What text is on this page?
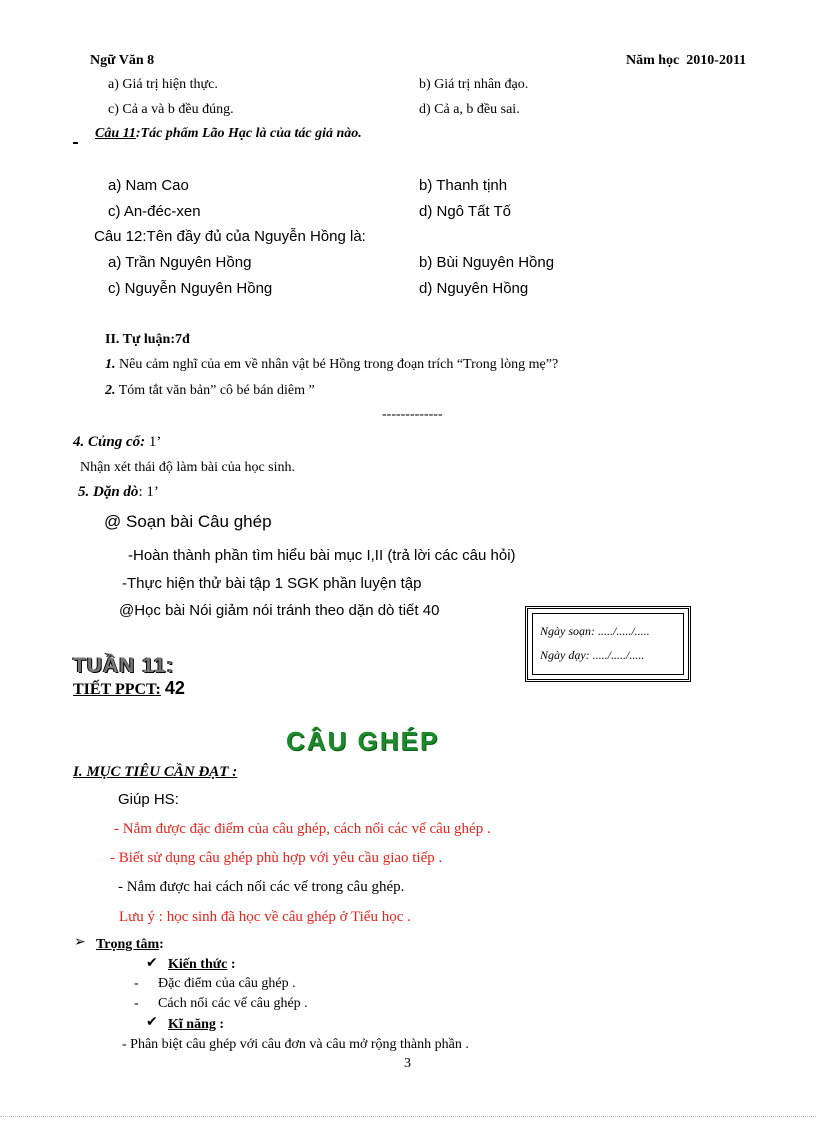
Ngữ Văn 8	Năm học 2010-2011
a) Giá trị hiện thực.	b) Giá trị nhân đạo.
c) Cả a và b đều đúng.	d) Cả a, b đều sai.
Câu 11:Tác phẩm Lão Hạc là của tác giả nào.
a) Nam Cao	b) Thanh tịnh
c) An-đéc-xen	d) Ngô Tất Tố
Câu 12:Tên đầy đủ của Nguyễn Hồng là:
a) Trần Nguyên Hồng	b) Bùi Nguyên Hồng
c) Nguyễn Nguyên Hồng	d) Nguyên Hồng
II. Tự luận:7đ
1. Nêu cảm nghĩ của em về nhân vật bé Hồng trong đoạn trích “Trong lòng mẹ”?
2. Tóm tắt văn bản” cô bé bán diêm ”
-------------
4. Củng cố: 1’
Nhận xét thái độ làm bài của học sinh.
5. Dặn dò: 1’
@ Soạn bài Câu ghép
-Hoàn thành phần tìm hiểu bài mục I,II (trả lời các câu hỏi)
-Thực hiện thử bài tập 1 SGK phần luyện tập
@Học bài Nói giảm nói tránh theo dặn dò tiết 40
Ngày soạn: ...../...../.....
Ngày dạy: ...../...../.....
TUẦN 11:
TIẾT PPCT: 42
CÂU GHÉP
I. MỤC TIÊU CẦN ĐẠT :
Giúp HS:
- Nắm được đặc điểm của câu ghép, cách nối các vế câu ghép .
- Biết sử dụng câu ghép phù hợp với yêu cầu giao tiếp .
- Nắm được hai cách nối các vế trong câu ghép.
Lưu ý : học sinh đã học về câu ghép ở Tiểu học .
➢ Trọng tâm:
✔ Kiến thức :
- Đặc điểm của câu ghép .
- Cách nối các vế câu ghép .
✔ Kĩ năng :
- Phân biệt câu ghép với câu đơn và câu mở rộng thành phần .
3
